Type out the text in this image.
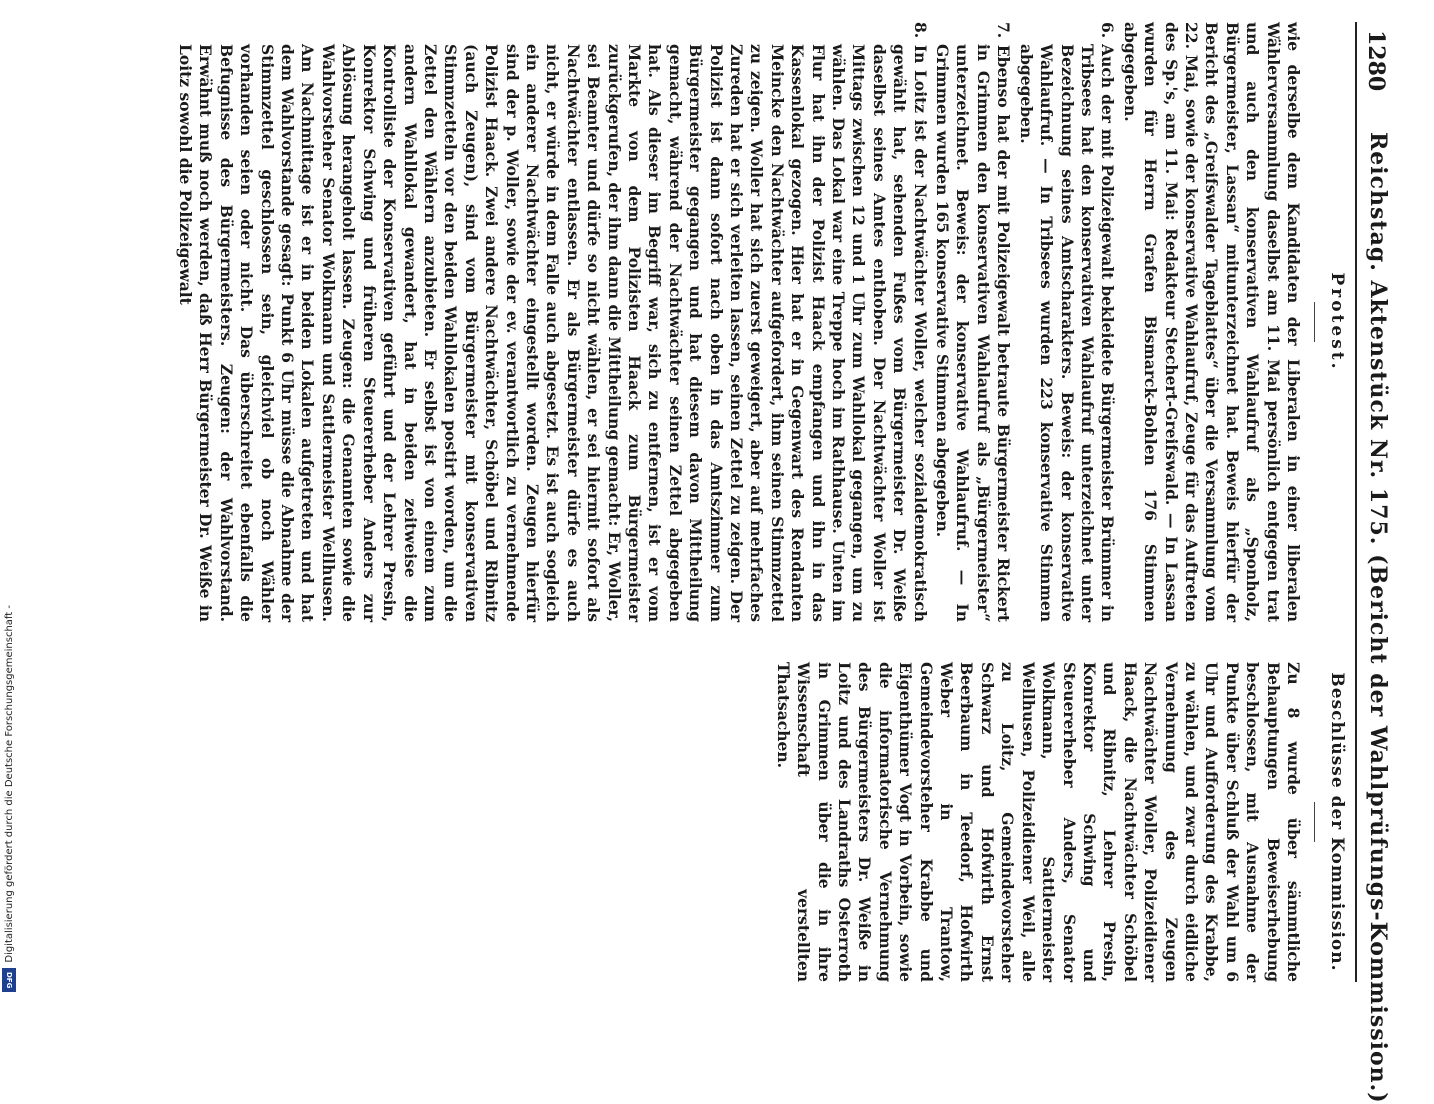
1280
Reichstag. Aktenstück Nr. 175. (Bericht der Wahlprüfungs-Kommission.)
Protest.
Beschlüsse der Kommission.

wie derselbe dem Kandidaten der Liberalen in einer liberalen Wählerversammlung daselbst am 11. Mai persönlich entgegen trat und auch den konservativen Wahlaufruf als „Sponholz, Bürgermeister, Lassan“ mitunterzeichnet hat. Beweis hierfür der Bericht des „Greifswalder Tageblattes“ über die Versammlung vom 22. Mai, sowie der konservative Wahlaufruf, Zeuge für das Auftreten des Sp.'s, am 11. Mai: Redakteur Stechert-Greifswald. — In Lassan wurden für Herrn Grafen Bismarck-Bohlen 176 Stimmen abgegeben.

6. Auch der mit Polizeigewalt bekleidete Bürgermeister Brümmer in Tribsees hat den konservativen Wahlaufruf unterzeichnet unter Bezeichnung seines Amtscharakters. Beweis: der konservative Wahlaufruf. — In Tribsees wurden 223 konservative Stimmen abgegeben.

7. Ebenso hat der mit Polizeigewalt betraute Bürgermeister Rickert in Grimmen den konservativen Wahlaufruf als „Bürgermeister“ unterzeichnet. Beweis: der konservative Wahlaufruf. — In Grimmen wurden 165 konservative Stimmen abgegeben.

8. In Loitz ist der Nachtwächter Woller, welcher sozialdemokratisch gewählt hat, sehenden Fußes vom Bürgermeister Dr. Weiße daselbst seines Amtes enthoben. Der Nachtwächter Woller ist Mittags zwischen 12 und 1 Uhr zum Wahllokal gegangen, um zu wählen. Das Lokal war eine Treppe hoch im Rathhause. Unten im Flur hat ihn der Polizist Haack empfangen und ihn in das Kassenlokal gezogen. Hier hat er in Gegenwart des Rendanten Meincke den Nachtwächter aufgefordert, ihm seinen Stimmzettel zu zeigen. Woller hat sich zuerst geweigert, aber auf mehrfaches Zureden hat er sich verleiten lassen, seinen Zettel zu zeigen. Der Polizist ist dann sofort nach oben in das Amtszimmer zum Bürgermeister gegangen und hat diesem davon Mittheilung gemacht, während der Nachtwächter seinen Zettel abgegeben hat. Als dieser im Begriff war, sich zu entfernen, ist er vom Markte von dem Polizisten Haack zum Bürgermeister zurückgerufen, der ihm dann die Mittheilung gemacht: Er, Woller, sei Beamter und dürfe so nicht wählen, er sei hiermit sofort als Nachtwächter entlassen. Er als Bürgermeister dürfe es auch nicht, er würde in dem Falle auch abgesetzt. Es ist auch sogleich ein anderer Nachtwächter eingestellt worden. Zeugen hierfür sind der p. Woller, sowie der ev. verantwortlich zu vernehmende Polizist Haack. Zwei andere Nachtwächter, Schöbel und Ribnitz (auch Zeugen), sind vom Bürgermeister mit konservativen Stimmzetteln vor den beiden Wahllokalen postirt worden, um die Zettel den Wählern anzubieten. Er selbst ist von einem zum andern Wahllokal gewandert, hat in beiden zeitweise die Kontrolliste der Konservativen geführt und der Lehrer Presin, Konrektor Schwing und früheren Steuererheber Anders zur Ablösung herangeholt lassen. Zeugen: die Genannten sowie die Wahlvorsteher Senator Wolkmann und Sattlermeister Wellhusen. Am Nachmittage ist er in beiden Lokalen aufgetreten und hat dem Wahlvorstande gesagt: Punkt 6 Uhr müsse die Abnahme der Stimmzettel geschlossen sein, gleichviel ob noch Wähler vorhanden seien oder nicht. Das überschreitet ebenfalls die Befugnisse des Bürgermeisters. Zeugen: der Wahlvorstand. Erwähnt muß noch werden, daß Herr Bürgermeister Dr. Weiße in Loitz sowohl die Polizeigewalt

Zu 8 wurde über sämmtliche Behauptungen Beweiserhebung beschlossen, mit Ausnahme der Punkte über Schluß der Wahl um 6 Uhr und Aufforderung des Krabbe, zu wählen, und zwar durch eidliche Vernehmung des Zeugen Nachtwächter Woller, Polizeidiener Haack, die Nachtwächter Schöbel und Ribnitz, Lehrer Presin, Konrektor Schwing und Steuererheber Anders, Senator Wolkmann, Sattlermeister Wellhusen, Polizeidiener Weil, alle zu Loitz, Gemeindevorsteher Schwarz und Hofwirth Ernst Beerbaum in Teedorf, Hofwirth Weber in Trantow, Gemeindevorsteher Krabbe und Eigenthümer Vogt in Vorbein, sowie die informatorische Vernehmung des Bürgermeisters Dr. Weiße in Loitz und des Landraths Osterroth in Grimmen über die in ihre Wissenschaft verstellten Thatsachen.

Digitalisierung gefördert durch die Deutsche Forschungsgemeinschaft -
DFG
